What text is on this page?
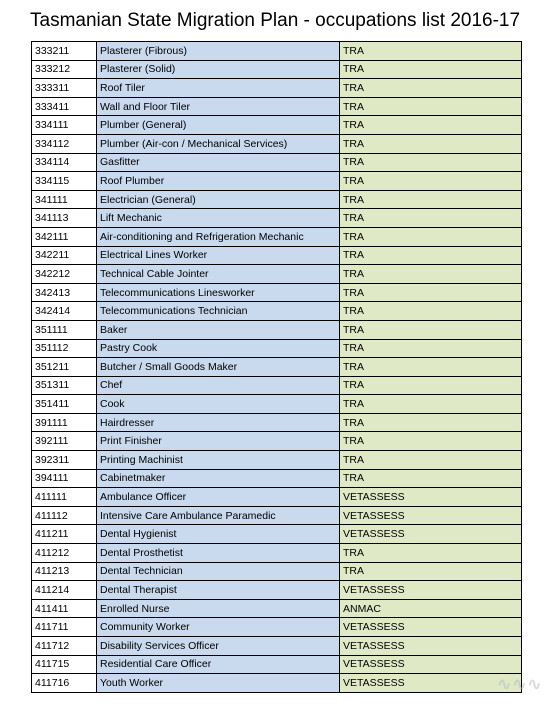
Tasmanian State Migration Plan - occupations list 2016-17
333211	Plasterer (Fibrous)	TRA
333212	Plasterer (Solid)	TRA
333311	Roof Tiler	TRA
333411	Wall and Floor Tiler	TRA
334111	Plumber (General)	TRA
334112	Plumber (Air-con / Mechanical Services)	TRA
334114	Gasfitter	TRA
334115	Roof Plumber	TRA
341111	Electrician (General)	TRA
341113	Lift Mechanic	TRA
342111	Air-conditioning and Refrigeration Mechanic	TRA
342211	Electrical Lines Worker	TRA
342212	Technical Cable Jointer	TRA
342413	Telecommunications Linesworker	TRA
342414	Telecommunications Technician	TRA
351111	Baker	TRA
351112	Pastry Cook	TRA
351211	Butcher / Small Goods Maker	TRA
351311	Chef	TRA
351411	Cook	TRA
391111	Hairdresser	TRA
392111	Print Finisher	TRA
392311	Printing Machinist	TRA
394111	Cabinetmaker	TRA
411111	Ambulance Officer	VETASSESS
411112	Intensive Care Ambulance Paramedic	VETASSESS
411211	Dental Hygienist	VETASSESS
411212	Dental Prosthetist	TRA
411213	Dental Technician	TRA
411214	Dental Therapist	VETASSESS
411411	Enrolled Nurse	ANMAC
411711	Community Worker	VETASSESS
411712	Disability Services Officer	VETASSESS
411715	Residential Care Officer	VETASSESS
411716	Youth Worker	VETASSESS	∿∿∿
